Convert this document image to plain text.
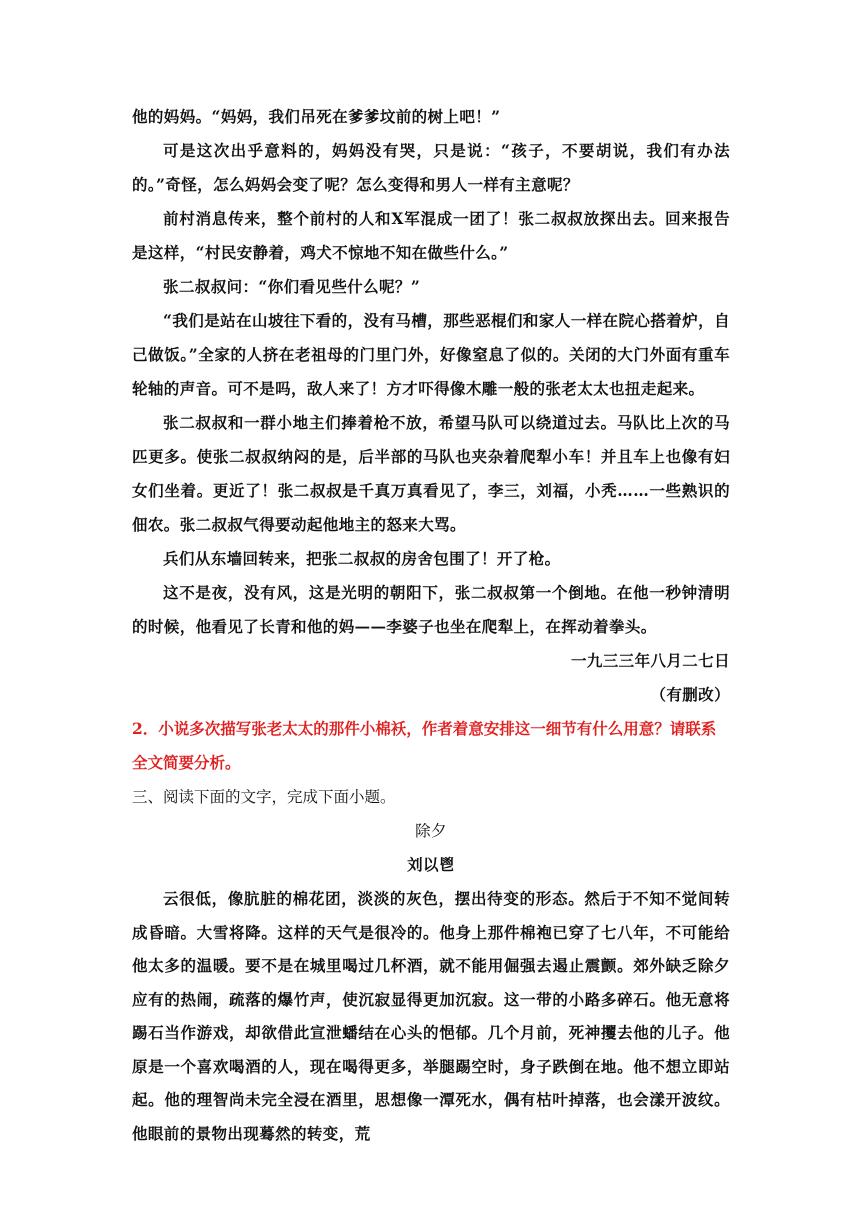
他的妈妈。“妈妈，我们吊死在爹爹坟前的树上吧！”

可是这次出乎意料的，妈妈没有哭，只是说：“孩子，不要胡说，我们有办法的。”奇怪，怎么妈妈会变了呢？怎么变得和男人一样有主意呢？

前村消息传来，整个前村的人和X军混成一团了！张二叔叔放探出去。回来报告是这样，“村民安静着，鸡犬不惊地不知在做些什么。”

张二叔叔问：“你们看见些什么呢？”

“我们是站在山坡往下看的，没有马槽，那些恶棍们和家人一样在院心搭着炉，自己做饭。”全家的人挤在老祖母的门里门外，好像窒息了似的。关闭的大门外面有重车轮轴的声音。可不是吗，敌人来了！方才吓得像木雕一般的张老太太也扭走起来。

张二叔叔和一群小地主们捧着枪不放，希望马队可以绕道过去。马队比上次的马匹更多。使张二叔叔纳闷的是，后半部的马队也夹杂着爬犁小车！并且车上也像有妇女们坐着。更近了！张二叔叔是千真万真看见了，李三，刘福，小秃……一些熟识的佃农。张二叔叔气得要动起他地主的怒来大骂。

兵们从东墙回转来，把张二叔叔的房舍包围了！开了枪。

这不是夜，没有风，这是光明的朝阳下，张二叔叔第一个倒地。在他一秒钟清明的时候，他看见了长青和他的妈——李婆子也坐在爬犁上，在挥动着拳头。

一九三三年八月二七日

（有删改）

2．小说多次描写张老太太的那件小棉袄，作者着意安排这一细节有什么用意？请联系全文简要分析。

三、阅读下面的文字，完成下面小题。

除夕

刘以鬯

云很低，像肮脏的棉花团，淡淡的灰色，摆出待变的形态。然后于不知不觉间转成昏暗。大雪将降。这样的天气是很冷的。他身上那件棉袍已穿了七八年，不可能给他太多的温暖。要不是在城里喝过几杯酒，就不能用倔强去遏止震颤。郊外缺乏除夕应有的热闹，疏落的爆竹声，使沉寂显得更加沉寂。这一带的小路多碎石。他无意将踢石当作游戏，却欲借此宣泄蟠结在心头的悒郁。几个月前，死神攫去他的儿子。他原是一个喜欢喝酒的人，现在喝得更多，举腿踢空时，身子跌倒在地。他不想立即站起。他的理智尚未完全浸在酒里，思想像一潭死水，偶有枯叶掉落，也会漾开波纹。他眼前的景物出现蓦然的转变，荒
